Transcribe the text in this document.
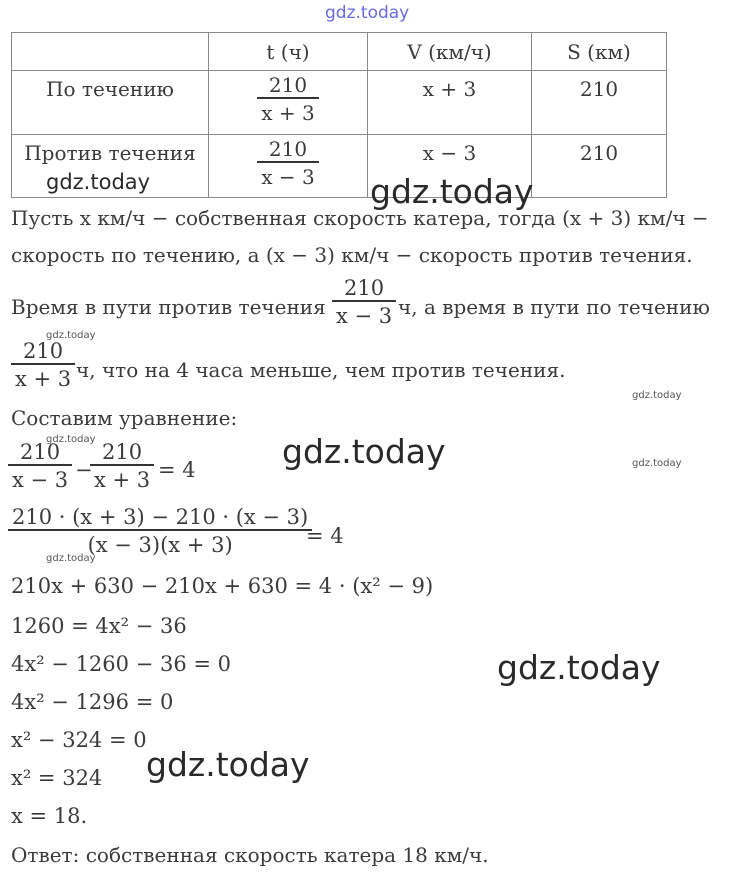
gdz.today
	t (ч)	V (км/ч)	S (км)

По течению	$\frac{210}{x + 3}$	x + 3	210

Против течения	$\frac{210}{x - 3}$	x − 3	210
gdz.today	gdz.today
Пусть x км/ч − собственная скорость катера, тогда (x + 3) км/ч −
скорость по течению, а (x − 3) км/ч − скорость против течения.
Время в пути против течения $\frac{210}{x - 3} ч$, а время в пути по течению
$\frac{210}{x + 3}$
gdz.today
ч, что на 4 часа меньше, чем против течения.
gdz.today
Составим уравнение:
gdz.today
gdz.today
$\frac{210}{x - 3}$ −
$\frac{210}{x + 3} = 4$	gdz.today
$\frac{210 \cdot (x + 3) - 210 \cdot (x - 3)}{(x - 3)(x + 3)}$
= 4
gdz.today
210x + 630 − 210x + 630 = 4 · (x² − 9)
1260 = 4x² − 36
4x² − 1260 − 36 = 0
4x² − 1296 = 0
x² − 324 = 0
x² = 324
x = 18.
gdz.today
gdz.today
Ответ: собственная скорость катера 18 км/ч.
